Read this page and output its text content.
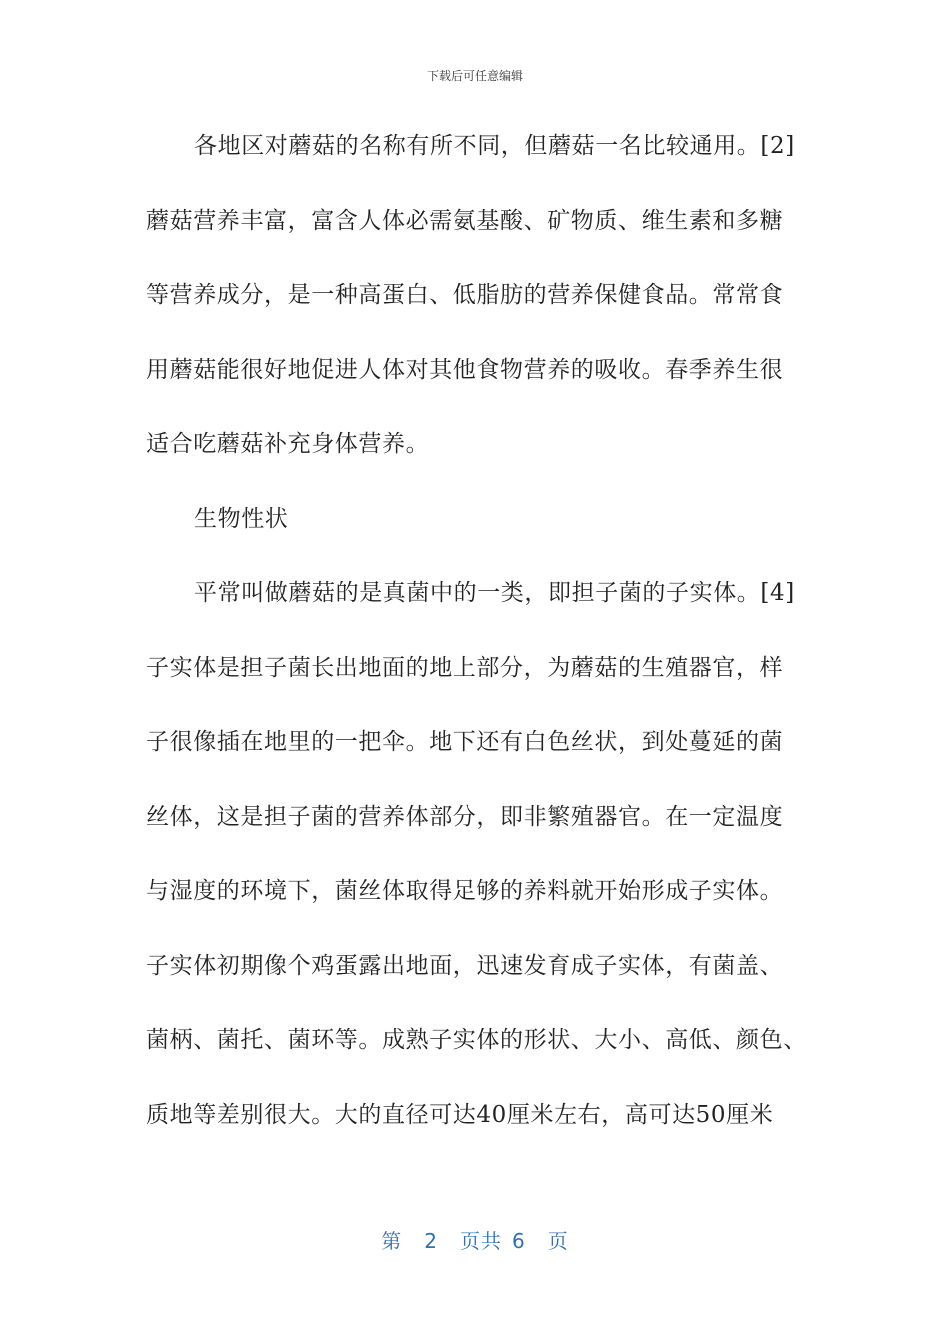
下载后可任意编辑
各地区对蘑菇的名称有所不同，但蘑菇一名比较通用。[2]
蘑菇营养丰富，富含人体必需氨基酸、矿物质、维生素和多糖
等营养成分，是一种高蛋白、低脂肪的营养保健食品。常常食
用蘑菇能很好地促进人体对其他食物营养的吸收。春季养生很
适合吃蘑菇补充身体营养。
生物性状
平常叫做蘑菇的是真菌中的一类，即担子菌的子实体。[4]
子实体是担子菌长出地面的地上部分，为蘑菇的生殖器官，样
子很像插在地里的一把伞。地下还有白色丝状，到处蔓延的菌
丝体，这是担子菌的营养体部分，即非繁殖器官。在一定温度
与湿度的环境下，菌丝体取得足够的养料就开始形成子实体。
子实体初期像个鸡蛋露出地面，迅速发育成子实体，有菌盖、
菌柄、菌托、菌环等。成熟子实体的形状、大小、高低、颜色、
质地等差别很大。大的直径可达40厘米左右，高可达50厘米
第 2 页共 6 页
